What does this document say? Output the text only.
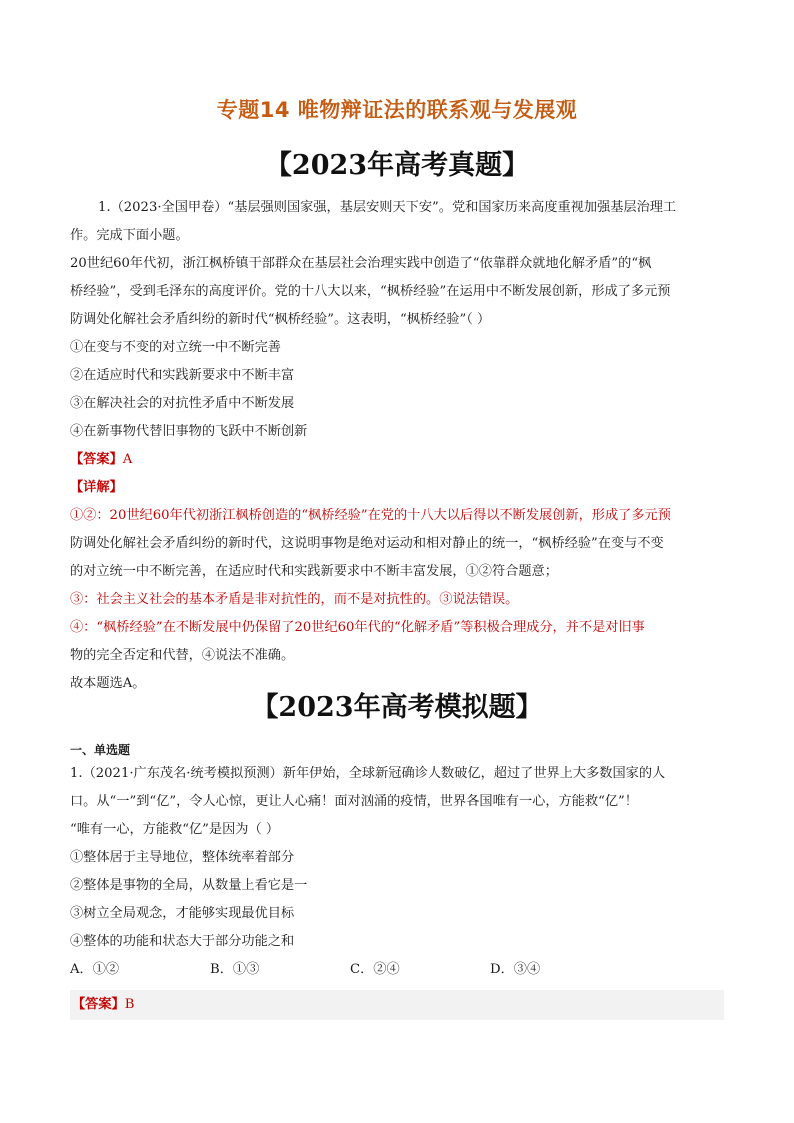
专题14 唯物辩证法的联系观与发展观
【2023年高考真题】
1.（2023·全国甲卷）“基层强则国家强，基层安则天下安”。党和国家历来高度重视加强基层治理工
作。完成下面小题。
20世纪60年代初，浙江枫桥镇干部群众在基层社会治理实践中创造了“依靠群众就地化解矛盾”的“枫
桥经验”，受到毛泽东的高度评价。党的十八大以来，“枫桥经验”在运用中不断发展创新，形成了多元预
防调处化解社会矛盾纠纷的新时代“枫桥经验”。这表明，“枫桥经验”（ ）
①在变与不变的对立统一中不断完善
②在适应时代和实践新要求中不断丰富
③在解决社会的对抗性矛盾中不断发展
④在新事物代替旧事物的飞跃中不断创新
【答案】A
【详解】
①②：20世纪60年代初浙江枫桥创造的“枫桥经验”在党的十八大以后得以不断发展创新，形成了多元预
防调处化解社会矛盾纠纷的新时代，这说明事物是绝对运动和相对静止的统一，“枫桥经验”在变与不变
的对立统一中不断完善，在适应时代和实践新要求中不断丰富发展，①②符合题意；
③：社会主义社会的基本矛盾是非对抗性的，而不是对抗性的。③说法错误。
④：“枫桥经验”在不断发展中仍保留了20世纪60年代的“化解矛盾”等积极合理成分，并不是对旧事
物的完全否定和代替，④说法不准确。
故本题选A。
【2023年高考模拟题】
一、单选题
1.（2021·广东茂名·统考模拟预测）新年伊始，全球新冠确诊人数破亿，超过了世界上大多数国家的人
口。从“一”到“亿”，令人心惊，更让人心痛！面对汹涌的疫情，世界各国唯有一心，方能救“亿”！
“唯有一心，方能救“亿”是因为（ ）
①整体居于主导地位，整体统率着部分
②整体是事物的全局，从数量上看它是一
③树立全局观念，才能够实现最优目标
④整体的功能和状态大于部分功能之和
A．①②	B．①③	C．②④	D．③④
【答案】B
